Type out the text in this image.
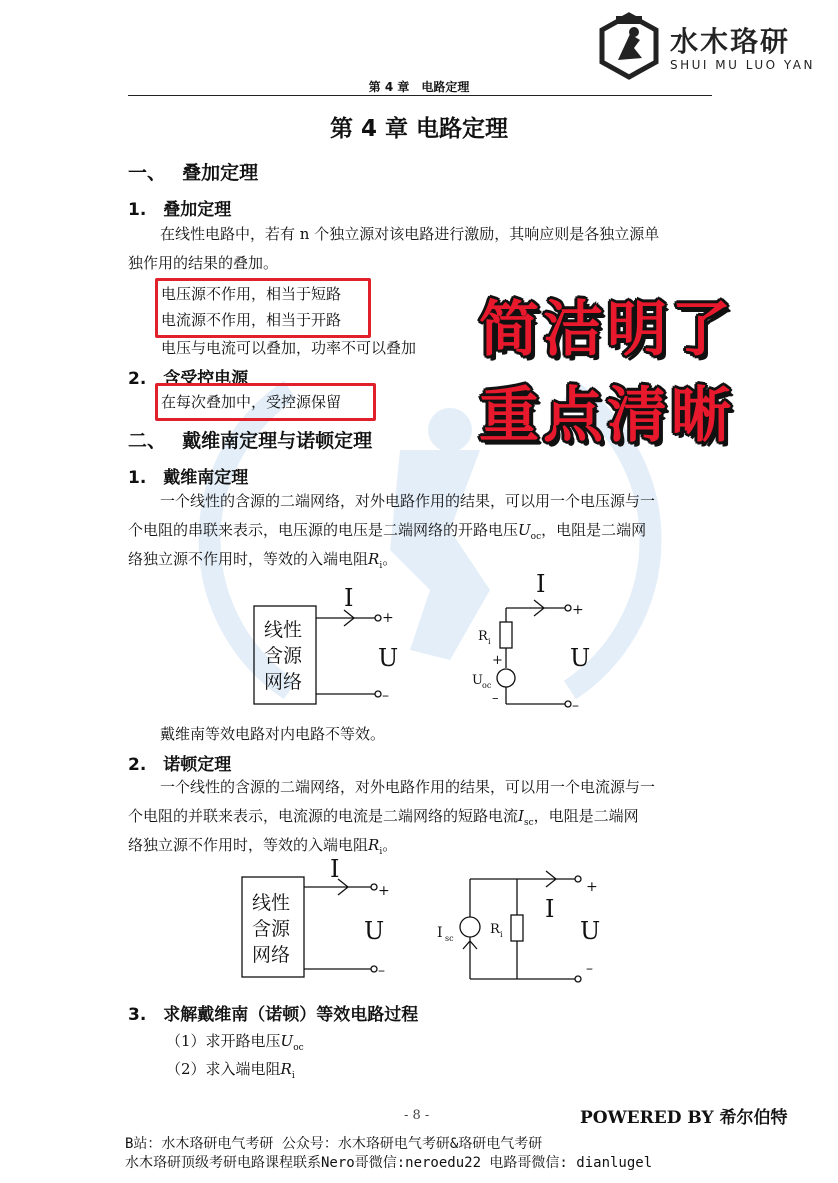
水木珞研
SHUI MU LUO YAN
第 4 章　电路定理
第 4 章 电路定理
一、　 叠加定理
1.　叠加定理
在线性电路中，若有 n 个独立源对该电路进行激励，其响应则是各独立源单
独作用的结果的叠加。
电压源不作用，相当于短路
电流源不作用，相当于开路
电压与电流可以叠加，功率不可以叠加
2.　含受控电源
在每次叠加中，受控源保留
简洁明了
重点清晰
二、　 戴维南定理与诺顿定理
1.　戴维南定理
一个线性的含源的二端网络，对外电路作用的结果，可以用一个电压源与一
个电阻的串联来表示，电压源的电压是二端网络的开路电压$U_{oc}$，电阻是二端网
络独立源不作用时，等效的入端电阻$R_i$。
线性
含源
网络
I
+
–
U
I
+
–
U
R i
+
U oc
–
戴维南等效电路对内电路不等效。
2.　诺顿定理
一个线性的含源的二端网络，对外电路作用的结果，可以用一个电流源与一
个电阻的并联来表示，电流源的电流是二端网络的短路电流$I_{sc}$，电阻是二端网
络独立源不作用时，等效的入端电阻$R_i$。
线性
含源
网络
I
+
–
U
+
–
U
I
I sc
R i
3.　求解戴维南（诺顿）等效电路过程
（1）求开路电压$U_{oc}$
（2）求入端电阻$R_i$
- 8 -	POWERED BY 希尔伯特
B站：水木珞研电气考研 公众号：水木珞研电气考研&珞研电气考研
水木珞研顶级考研电路课程联系Nero哥微信:neroedu22 电路哥微信: dianlugel
